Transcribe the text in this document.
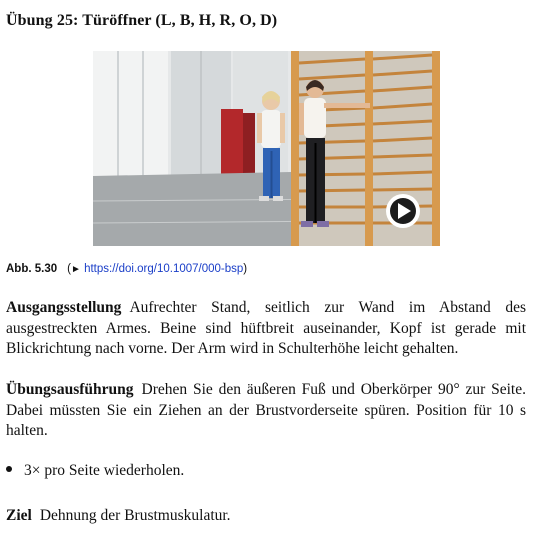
Übung 25: Türöffner (L, B, H, R, O, D)
Abb. 5.30 (► https://doi.org/10.1007/000-bsp)
Ausgangsstellung Aufrechter Stand, seitlich zur Wand im Abstand des ausgestreckten Armes. Beine sind hüftbreit auseinander, Kopf ist gerade mit Blickrichtung nach vorne. Der Arm wird in Schulterhöhe leicht gehalten.
Übungsausführung Drehen Sie den äußeren Fuß und Oberkörper 90° zur Seite. Dabei müssten Sie ein Ziehen an der Brustvorderseite spüren. Position für 10 s halten.
3× pro Seite wiederholen.
Ziel Dehnung der Brustmuskulatur.
